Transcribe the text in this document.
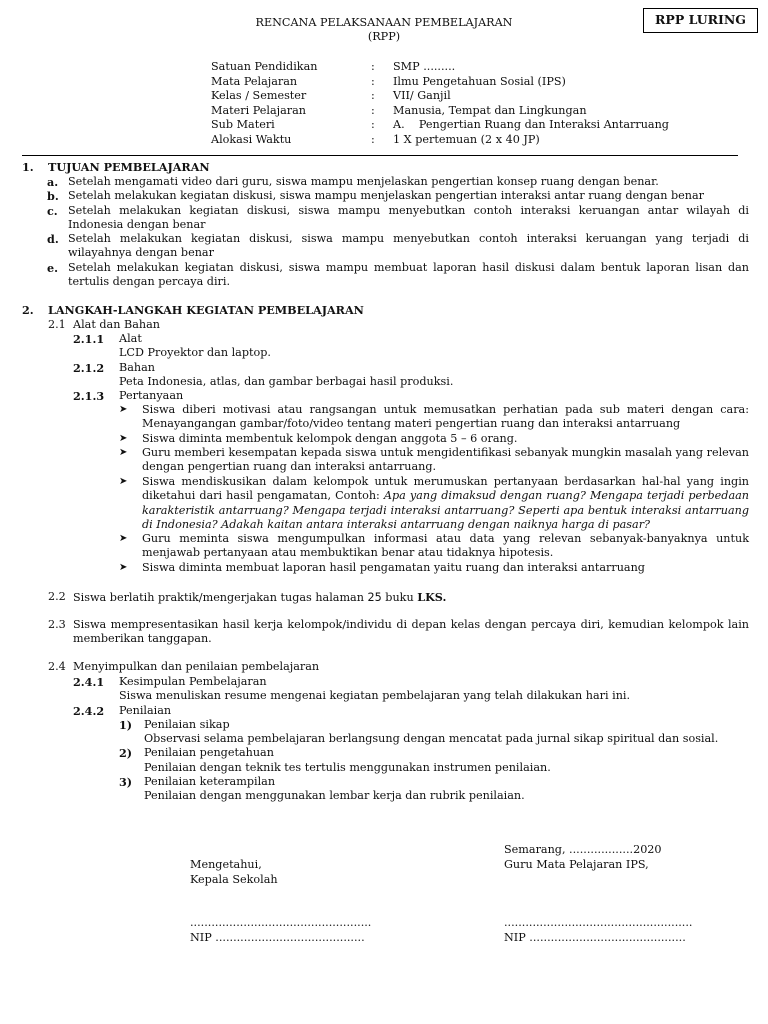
RPP LURING
RENCANA PELAKSANAAN PEMBELAJARAN
(RPP)
Satuan Pendidikan	:	SMP .........
Mata Pelajaran	:	Ilmu Pengetahuan Sosial (IPS)
Kelas / Semester	:	VII/ Ganjil
Materi Pelajaran	:	Manusia, Tempat dan Lingkungan
Sub Materi	:	A.    Pengertian Ruang dan Interaksi Antarruang
Alokasi Waktu	:	1 X pertemuan (2 x 40 JP)
1. TUJUAN PEMBELAJARAN
a. Setelah mengamati video dari guru, siswa mampu menjelaskan pengertian konsep ruang dengan benar.
b. Setelah melakukan kegiatan diskusi, siswa mampu menjelaskan pengertian interaksi antar ruang dengan benar
c. Setelah melakukan kegiatan diskusi, siswa mampu menyebutkan contoh interaksi keruangan antar wilayah di Indonesia dengan benar
d. Setelah melakukan kegiatan diskusi, siswa mampu menyebutkan contoh interaksi keruangan yang terjadi di wilayahnya dengan benar
e. Setelah melakukan kegiatan diskusi, siswa mampu membuat laporan hasil diskusi dalam bentuk laporan lisan dan tertulis dengan percaya diri.
2. LANGKAH-LANGKAH KEGIATAN PEMBELAJARAN
2.1 Alat dan Bahan
2.1.1	Alat
LCD Proyektor dan laptop.
2.1.2	Bahan
Peta Indonesia, atlas, dan gambar berbagai hasil produksi.
2.1.3	Pertanyaan
➤	Siswa diberi motivasi atau rangsangan untuk memusatkan perhatian pada sub materi dengan cara: Menayangangan gambar/foto/video tentang materi pengertian ruang dan interaksi antarruang
➤	Siswa diminta membentuk kelompok dengan anggota 5 – 6 orang.
➤	Guru memberi kesempatan kepada siswa untuk mengidentifikasi sebanyak mungkin masalah yang relevan dengan pengertian ruang dan interaksi antarruang.
➤	Siswa mendiskusikan dalam kelompok untuk merumuskan pertanyaan berdasarkan hal-hal yang ingin diketahui dari hasil pengamatan, Contoh: Apa yang dimaksud dengan ruang? Mengapa terjadi perbedaan karakteristik antarruang? Mengapa terjadi interaksi antarruang? Seperti apa bentuk interaksi antarruang di Indonesia? Adakah kaitan antara interaksi antarruang dengan naiknya harga di pasar?
➤	Guru meminta siswa mengumpulkan informasi atau data yang relevan sebanyak-banyaknya untuk menjawab pertanyaan atau membuktikan benar atau tidaknya hipotesis.
➤	Siswa diminta membuat laporan hasil pengamatan yaitu ruang dan interaksi antarruang
2.2 Siswa berlatih praktik/mengerjakan tugas halaman 25 buku LKS.
2.3 Siswa mempresentasikan hasil kerja kelompok/individu di depan kelas dengan percaya diri, kemudian kelompok lain memberikan tanggapan.
2.4 Menyimpulkan dan penilaian pembelajaran
2.4.1	Kesimpulan Pembelajaran
Siswa menuliskan resume mengenai kegiatan pembelajaran yang telah dilakukan hari ini.
2.4.2	Penilaian
1)	Penilaian sikap
Observasi selama pembelajaran berlangsung dengan mencatat pada jurnal sikap spiritual dan sosial.
2)	Penilaian pengetahuan
Penilaian dengan teknik tes tertulis menggunakan instrumen penilaian.
3)	Penilaian keterampilan
Penilaian dengan menggunakan lembar kerja dan rubrik penilaian.
Semarang, ..................2020
Mengetahui,	Guru Mata Pelajaran IPS,
Kepala Sekolah
...................................................
NIP ..........................................
.....................................................
NIP ............................................
